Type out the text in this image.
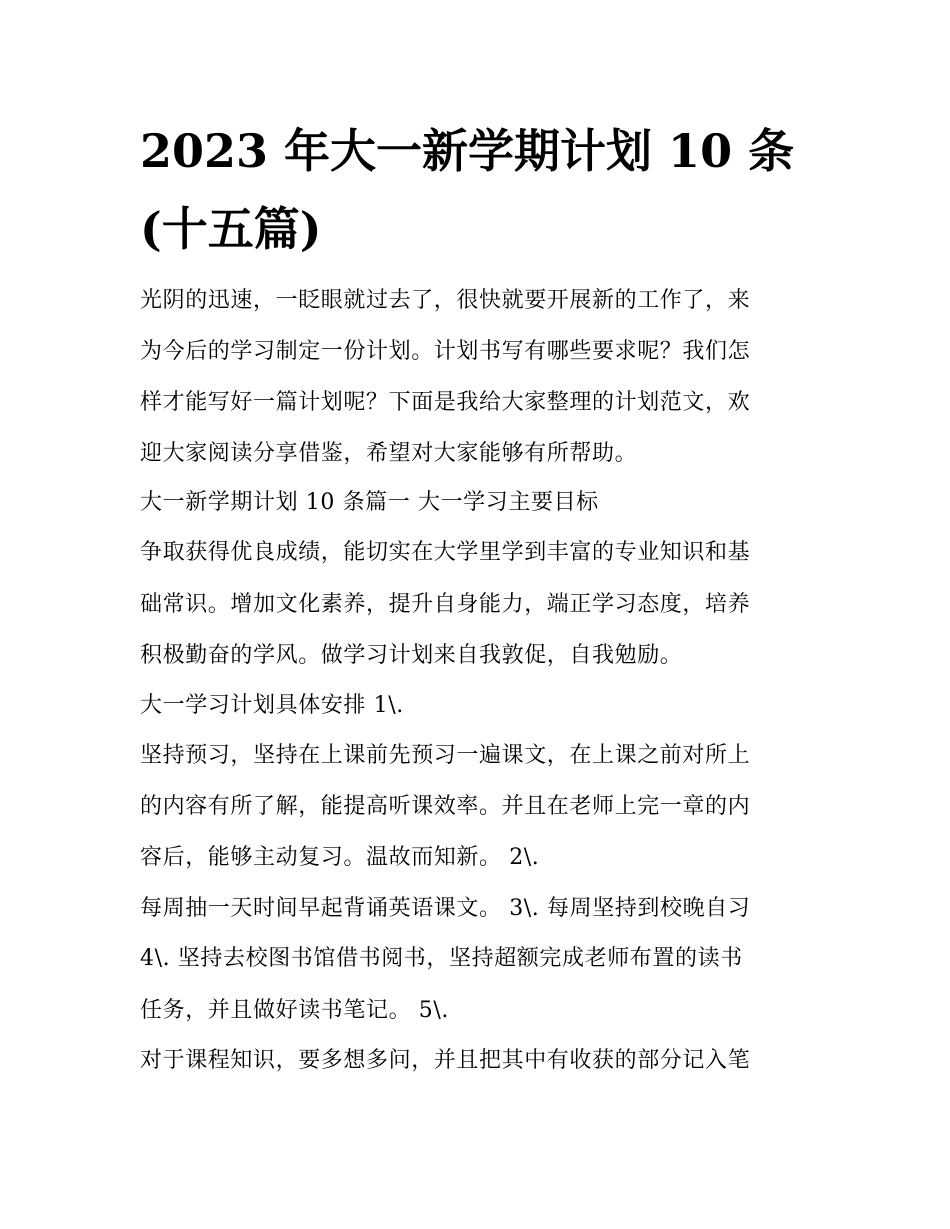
2023 年大一新学期计划 10 条
(十五篇)

光阴的迅速，一眨眼就过去了，很快就要开展新的工作了，来

为今后的学习制定一份计划。计划书写有哪些要求呢？我们怎

样才能写好一篇计划呢？下面是我给大家整理的计划范文，欢

迎大家阅读分享借鉴，希望对大家能够有所帮助。

大一新学期计划 10 条篇一 大一学习主要目标

争取获得优良成绩，能切实在大学里学到丰富的专业知识和基

础常识。增加文化素养，提升自身能力，端正学习态度，培养

积极勤奋的学风。做学习计划来自我敦促，自我勉励。

大一学习计划具体安排 1\.

坚持预习，坚持在上课前先预习一遍课文，在上课之前对所上

的内容有所了解，能提高听课效率。并且在老师上完一章的内

容后，能够主动复习。温故而知新。 2\.

每周抽一天时间早起背诵英语课文。 3\. 每周坚持到校晚自习

4\. 坚持去校图书馆借书阅书，坚持超额完成老师布置的读书

任务，并且做好读书笔记。 5\.

对于课程知识，要多想多问，并且把其中有收获的部分记入笔
